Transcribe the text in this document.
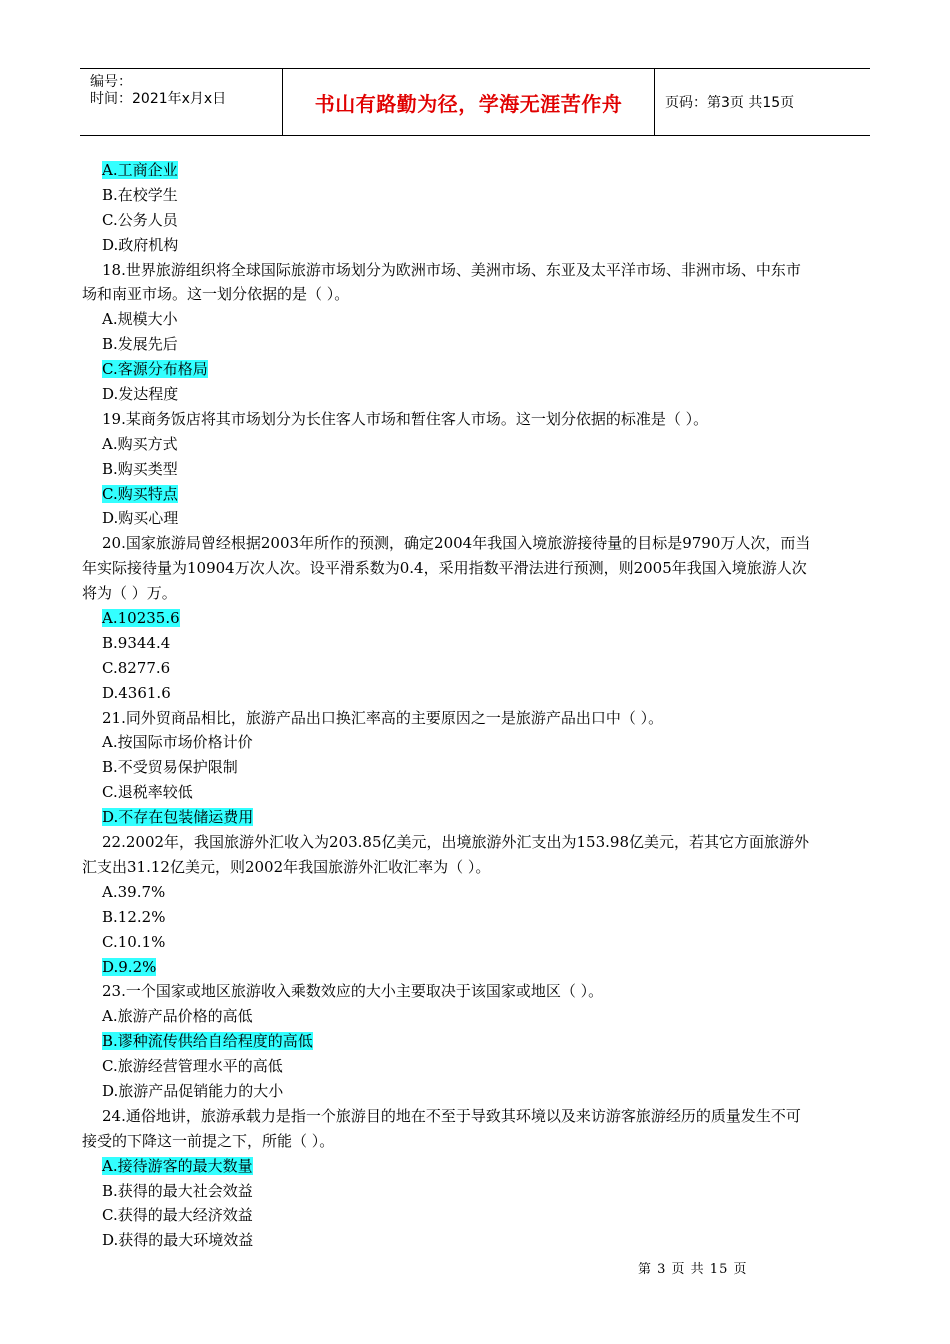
编号：
时间：2021年x月x日	书山有路勤为径，学海无涯苦作舟	页码：第3页 共15页
A.工商企业
B.在校学生
C.公务人员
D.政府机构
18.世界旅游组织将全球国际旅游市场划分为欧洲市场、美洲市场、东亚及太平洋市场、非洲市场、中东市
场和南亚市场。这一划分依据的是（ ）。
A.规模大小
B.发展先后
C.客源分布格局
D.发达程度
19.某商务饭店将其市场划分为长住客人市场和暂住客人市场。这一划分依据的标准是（ ）。
A.购买方式
B.购买类型
C.购买特点
D.购买心理
20.国家旅游局曾经根据2003年所作的预测，确定2004年我国入境旅游接待量的目标是9790万人次，而当
年实际接待量为10904万次人次。设平滑系数为0.4，采用指数平滑法进行预测，则2005年我国入境旅游人次
将为（ ）万。
A.10235.6
B.9344.4
C.8277.6
D.4361.6
21.同外贸商品相比，旅游产品出口换汇率高的主要原因之一是旅游产品出口中（ ）。
A.按国际市场价格计价
B.不受贸易保护限制
C.退税率较低
D.不存在包装储运费用
22.2002年，我国旅游外汇收入为203.85亿美元，出境旅游外汇支出为153.98亿美元，若其它方面旅游外
汇支出31.12亿美元，则2002年我国旅游外汇收汇率为（ ）。
A.39.7%
B.12.2%
C.10.1%
D.9.2%
23.一个国家或地区旅游收入乘数效应的大小主要取决于该国家或地区（ ）。
A.旅游产品价格的高低
B.谬种流传供给自给程度的高低
C.旅游经营管理水平的高低
D.旅游产品促销能力的大小
24.通俗地讲，旅游承载力是指一个旅游目的地在不至于导致其环境以及来访游客旅游经历的质量发生不可
接受的下降这一前提之下，所能（ ）。
A.接待游客的最大数量
B.获得的最大社会效益
C.获得的最大经济效益
D.获得的最大环境效益
第 3 页 共 15 页
